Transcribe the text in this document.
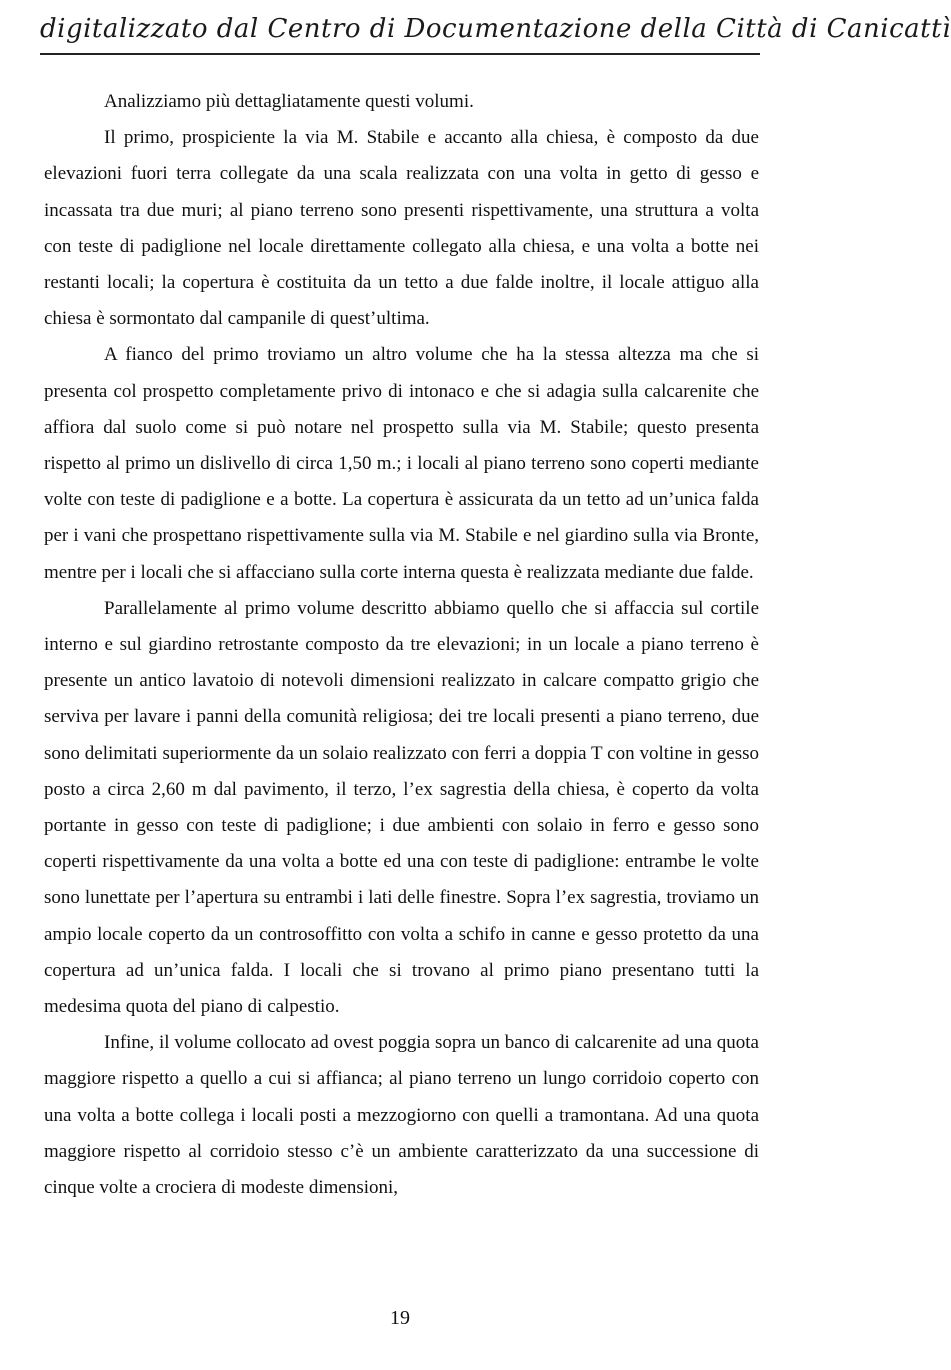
digitalizzato dal Centro di Documentazione della Città di Canicattì

Analizziamo più dettagliatamente questi volumi.

Il primo, prospiciente la via M. Stabile e accanto alla chiesa, è composto da due elevazioni fuori terra collegate da una scala realizzata con una volta in getto di gesso e incassata tra due muri; al piano terreno sono presenti rispettivamente, una struttura a volta con teste di padiglione nel locale direttamente collegato alla chiesa, e una volta a botte nei restanti locali; la copertura è costituita da un tetto a due falde inoltre, il locale attiguo alla chiesa è sormontato dal campanile di quest’ultima.

A fianco del primo troviamo un altro volume che ha la stessa altezza ma che si presenta col prospetto completamente privo di intonaco e che si adagia sulla calcarenite che affiora dal suolo come si può notare nel prospetto sulla via M. Stabile; questo presenta rispetto al primo un dislivello di circa 1,50 m.; i locali al piano terreno sono coperti mediante volte con teste di padiglione e a botte. La copertura è assicurata da un tetto ad un’unica falda per i vani che prospettano rispettivamente sulla via M. Stabile e nel giardino sulla via Bronte, mentre per i locali che si affacciano sulla corte interna questa è realizzata mediante due falde.

Parallelamente al primo volume descritto abbiamo quello che si affaccia sul cortile interno e sul giardino retrostante composto da tre elevazioni; in un locale a piano terreno è presente un antico lavatoio di notevoli dimensioni realizzato in calcare compatto grigio che serviva per lavare i panni della comunità religiosa; dei tre locali presenti a piano terreno, due sono delimitati superiormente da un solaio realizzato con ferri a doppia T con voltine in gesso posto a circa 2,60 m dal pavimento, il terzo, l’ex sagrestia della chiesa, è coperto da volta portante in gesso con teste di padiglione; i due ambienti con solaio in ferro e gesso sono coperti rispettivamente da una volta a botte ed una con teste di padiglione: entrambe le volte sono lunettate per l’apertura su entrambi i lati delle finestre. Sopra l’ex sagrestia, troviamo un ampio locale coperto da un controsoffitto con volta a schifo in canne e gesso protetto da una copertura ad un’unica falda. I locali che si trovano al primo piano presentano tutti la medesima quota del piano di calpestio.

Infine, il volume collocato ad ovest poggia sopra un banco di calcarenite ad una quota maggiore rispetto a quello a cui si affianca; al piano terreno un lungo corridoio coperto con una volta a botte collega i locali posti a mezzogiorno con quelli a tramontana. Ad una quota maggiore rispetto al corridoio stesso c’è un ambiente caratterizzato da una successione di cinque volte a crociera di modeste dimensioni,

19
